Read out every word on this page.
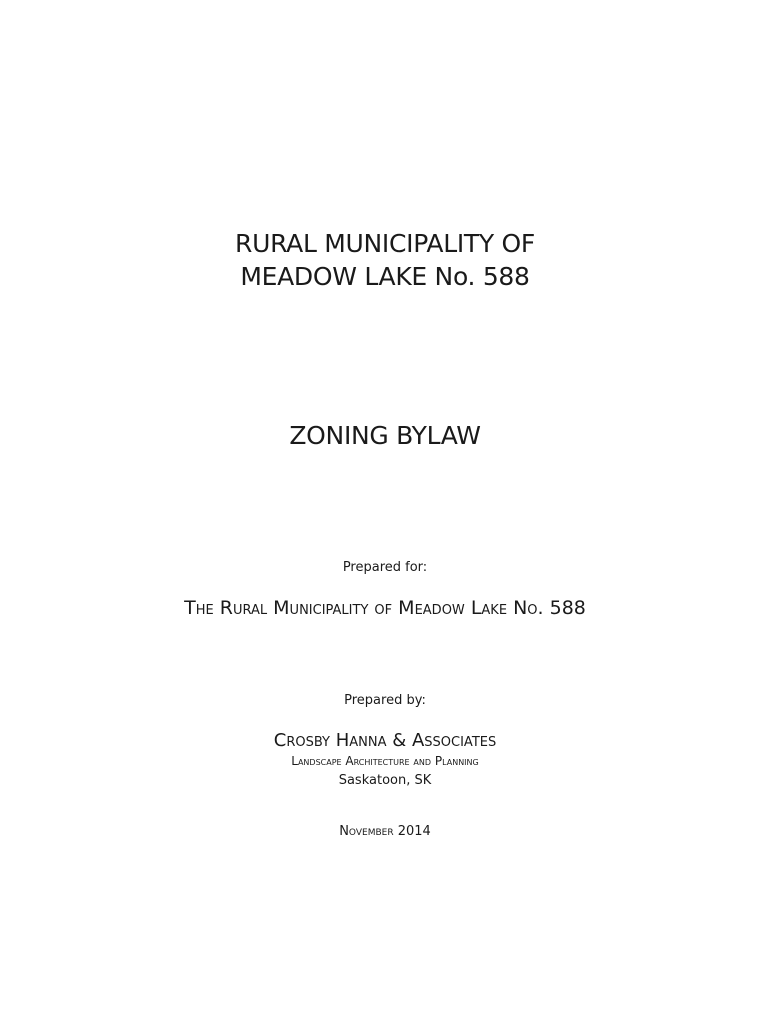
RURAL MUNICIPALITY OF
MEADOW LAKE No. 588
ZONING BYLAW
Prepared for:
The Rural Municipality of Meadow Lake No. 588
Prepared by:
Crosby Hanna & Associates
Landscape Architecture and Planning
Saskatoon, SK
November 2014
